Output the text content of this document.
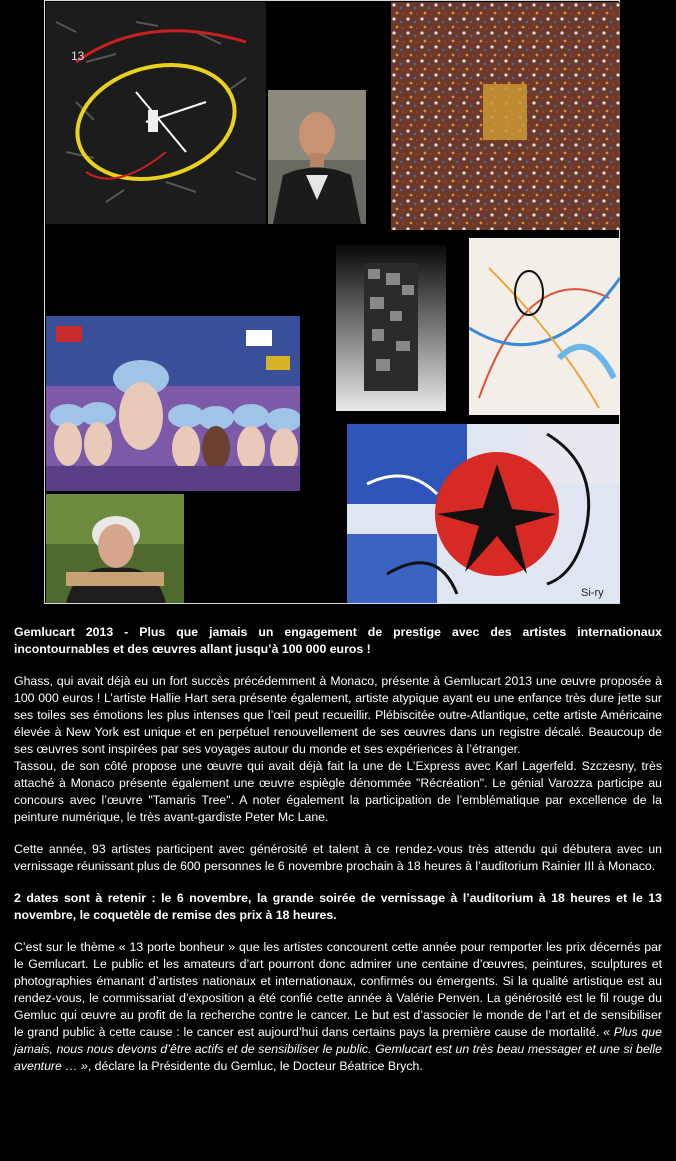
13
Si-ry

Gemlucart 2013 - Plus que jamais un engagement de prestige avec des artistes internationaux incontournables et des œuvres allant jusqu’à 100 000 euros !

Ghass, qui avait déjà eu un fort succès précédemment à Monaco, présente à Gemlucart 2013 une œuvre proposée à 100 000 euros ! L’artiste Hallie Hart sera présente également, artiste atypique ayant eu une enfance très dure jette sur ses toiles ses émotions les plus intenses que l’œil peut recueillir. Plébiscitée outre-Atlantique, cette artiste Américaine élevée à New York est unique et en perpétuel renouvellement de ses œuvres dans un registre décalé. Beaucoup de ses œuvres sont inspirées par ses voyages autour du monde et ses expériences à l’étranger.

Tassou, de son côté propose une œuvre qui avait déjà fait la une de L’Express avec Karl Lagerfeld. Szczesny, très attaché à Monaco présente également une œuvre espiègle dénommée "Récréation". Le génial Varozza participe au concours avec l’œuvre "Tamaris Tree". A noter également la participation de l’emblématique par excellence de la peinture numérique, le très avant-gardiste Peter Mc Lane.

Cette année, 93 artistes participent avec générosité et talent à ce rendez-vous très attendu qui débutera avec un vernissage réunissant plus de 600 personnes le 6 novembre prochain à 18 heures à l’auditorium Rainier III à Monaco.

2 dates sont à retenir : le 6 novembre, la grande soirée de vernissage à l’auditorium à 18 heures et le 13 novembre, le coquetèle de remise des prix à 18 heures.

C’est sur le thème « 13 porte bonheur » que les artistes concourent cette année pour remporter les prix décernés par le Gemlucart. Le public et les amateurs d’art pourront donc admirer une centaine d’œuvres, peintures, sculptures et photographies émanant d’artistes nationaux et internationaux, confirmés ou émergents. Si la qualité artistique est au rendez-vous, le commissariat d’exposition a été confié cette année à Valérie Penven. La générosité est le fil rouge du Gemluc qui œuvre au profit de la recherche contre le cancer. Le but est d’associer le monde de l’art et de sensibiliser le grand public à cette cause : le cancer est aujourd’hui dans certains pays la première cause de mortalité. « Plus que jamais, nous nous devons d’être actifs et de sensibiliser le public. Gemlucart est un très beau messager et une si belle aventure … », déclare la Présidente du Gemluc, le Docteur Béatrice Brych.
